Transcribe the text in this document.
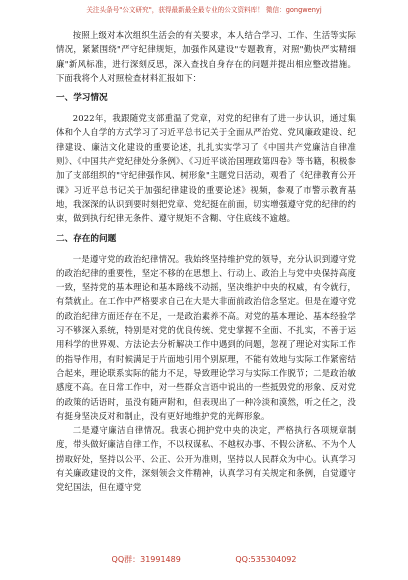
关注头条号"公文研究"，获得最新最全最专业的公文资料库！ 微信：gongwenyj

按照上级对本次组织生活会的有关要求，本人结合学习、工作、生活等实际情况，紧紧围绕"严守纪律规矩，加强作风建设"专题教育，对照"勤快严实精细廉"新风标准，进行深刻反思，深入查找自身存在的问题并提出相应整改措施。下面我将个人对照检查材料汇报如下：

一、学习情况

2022年，我跟随党支部重温了党章，对党的纪律有了进一步认识，通过集体和个人自学的方式学习了习近平总书记关于全面从严治党、党风廉政建设、纪律建设、廉洁文化建设的重要论述，扎扎实实学习了《中国共产党廉洁自律准则》、《中国共产党纪律处分条例》、《习近平谈治国理政第四卷》等书籍，积极参加了支部组织的"守纪律强作风、树形象"主题党日活动，观看了《纪律教育公开课》习近平总书记关于加强纪律建设的重要论述》视频，参观了市警示教育基地，我深深的认识到要时刻把党章、党纪挺在前面，切实增强遵守党的纪律的约束，做到执行纪律无条件、遵守规矩不含糊、守住底线不逾越。

二、存在的问题

一是遵守党的政治纪律情况。我始终坚持维护党的领导，充分认识到遵守党的政治纪律的重要性，坚定不移的在思想上、行动上、政治上与党中央保持高度一致，坚持党的基本理论和基本路线不动摇，坚决维护中央的权威，有令就行，有禁就止。在工作中严格要求自己在大是大非面前政治信念坚定。但是在遵守党的政治纪律方面还存在不足，一是政治素养不高。对党的基本理论、基本经验学习不够深入系统，特别是对党的优良传统、党史掌握不全面、不扎实，不善于运用科学的世界观、方法论去分析解决工作中遇到的问题，忽视了理论对实际工作的指导作用，有时候满足于片面地引用个别原理，不能有效地与实际工作紧密结合起来，理论联系实际的能力不足，导致理论学习与实际工作脱节；二是政治敏感度不高。在日常工作中，对一些群众言语中说出的一些抵毁党的形象、反对党的政策的话语时，虽没有随声附和，但表现出了一种冷淡和漠然，听之任之，没有挺身坚决反对和制止，没有更好地维护党的光辉形象。

二是遵守廉洁自律情况。我衷心拥护党中央的决定，严格执行各项规章制度，带头做好廉洁自律工作，不以权谋私、不越权办事、不假公济私、不为个人捞取好处，坚持以公平、公正、公开为准则，坚持以人民群众为中心。认真学习有关廉政建设的文件，深刻领会文件精神，认真学习有关规定和条例，自觉遵守党纪国法，但在遵守党

QQ群：31991489	QQ:535304092
